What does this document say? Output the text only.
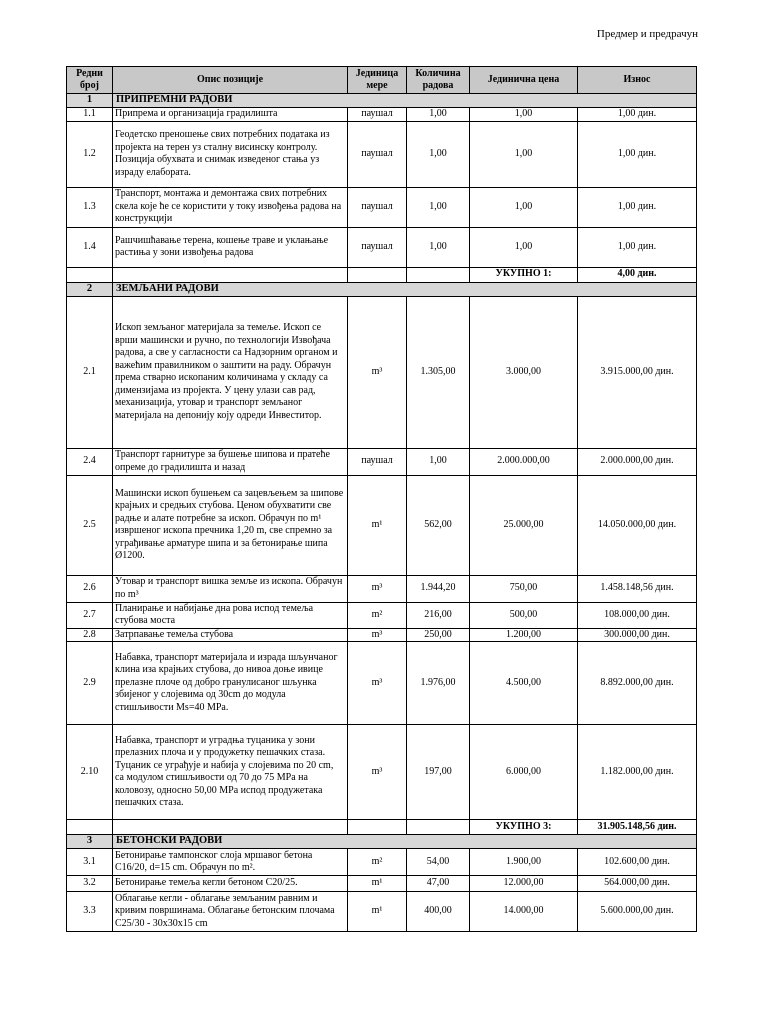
Предмер и предрачун
Редни број	Опис позиције	Јединица мере	Количина радова	Јединична цена	Износ
1	ПРИПРЕМНИ РАДОВИ				
1.1	Припрема и организација градилишта	паушал	1,00	1,00	1,00 дин.
1.2	Геодетско преношење свих потребних података из пројекта на терен уз сталну висинску контролу. Позиција обухвата и снимак изведеног стања уз израду елабората.	паушал	1,00	1,00	1,00 дин.
1.3	Транспорт, монтажа и демонтажа свих потребних скела које ће се користити у току извођења радова на конструкцији	паушал	1,00	1,00	1,00 дин.
1.4	Рашчишћавање терена, кошење траве и уклањање растиња у зони извођења радова	паушал	1,00	1,00	1,00 дин.
				УКУПНО 1:	4,00 дин.
2	ЗЕМЉАНИ РАДОВИ				
2.1	Ископ земљаног материјала за темеље. Ископ се врши машински и ручно, по технологији Извођача радова, а све у сагласности са Надзорним органом и важећим правилником о заштити на раду. Обрачун према стварно ископаним количинама у складу са димензијама из пројекта. У цену улази сав рад, механизација, утовар и транспорт земљаног материјала на депонију коју одреди Инвеститор.	m³	1.305,00	3.000,00	3.915.000,00 дин.
2.4	Транспорт гарнитуре за бушење шипова и пратеће опреме до градилишта и назад	паушал	1,00	2.000.000,00	2.000.000,00 дин.
2.5	Машински ископ бушењем са зацевљењем за шипове крајњих и средњих стубова. Ценом обухватити све радње и алате потребне за ископ. Обрачун по m¹ извршеног ископа пречника 1,20 m, све спремно за уграђивање арматуре шипа и за бетонирање шипа Ø1200.	m¹	562,00	25.000,00	14.050.000,00 дин.
2.6	Утовар и транспорт вишка земље из ископа. Обрачун по m³	m³	1.944,20	750,00	1.458.148,56 дин.
2.7	Планирање и набијање дна рова испод темеља стубова моста	m²	216,00	500,00	108.000,00 дин.
2.8	Затрпавање темеља стубова	m³	250,00	1.200,00	300.000,00 дин.
2.9	Набавка, транспорт материјала и израда шљунчаног клина иза крајњих стубова, до нивоа доње ивице прелазне плоче од добро гранулисаног шљунка збијеног у слојевима од 30cm до модула стишљивости Ms=40 MPa.	m³	1.976,00	4.500,00	8.892.000,00 дин.
2.10	Набавка, транспорт и уградња туцаника у зони прелазних плоча и у продужетку пешачких стаза. Туцаник се уграђује и набија у слојевима по 20 cm, са модулом стишљивости од 70 до 75 MPa на коловозу, односно 50,00 MPa испод продужетака пешачких стаза.	m³	197,00	6.000,00	1.182.000,00 дин.
				УКУПНО 3:	31.905.148,56 дин.
3	БЕТОНСКИ РАДОВИ				
3.1	Бетонирање тампонског слоја мршавог бетона C16/20, d=15 cm. Обрачун по m².	m²	54,00	1.900,00	102.600,00 дин.
3.2	Бетонирање темеља кегли бетоном C20/25.	m¹	47,00	12.000,00	564.000,00 дин.
3.3	Облагање кегли - облагање земљаним равним и кривим површинама. Облагање бетонским плочама C25/30 - 30x30x15 cm	m¹	400,00	14.000,00	5.600.000,00 дин.
